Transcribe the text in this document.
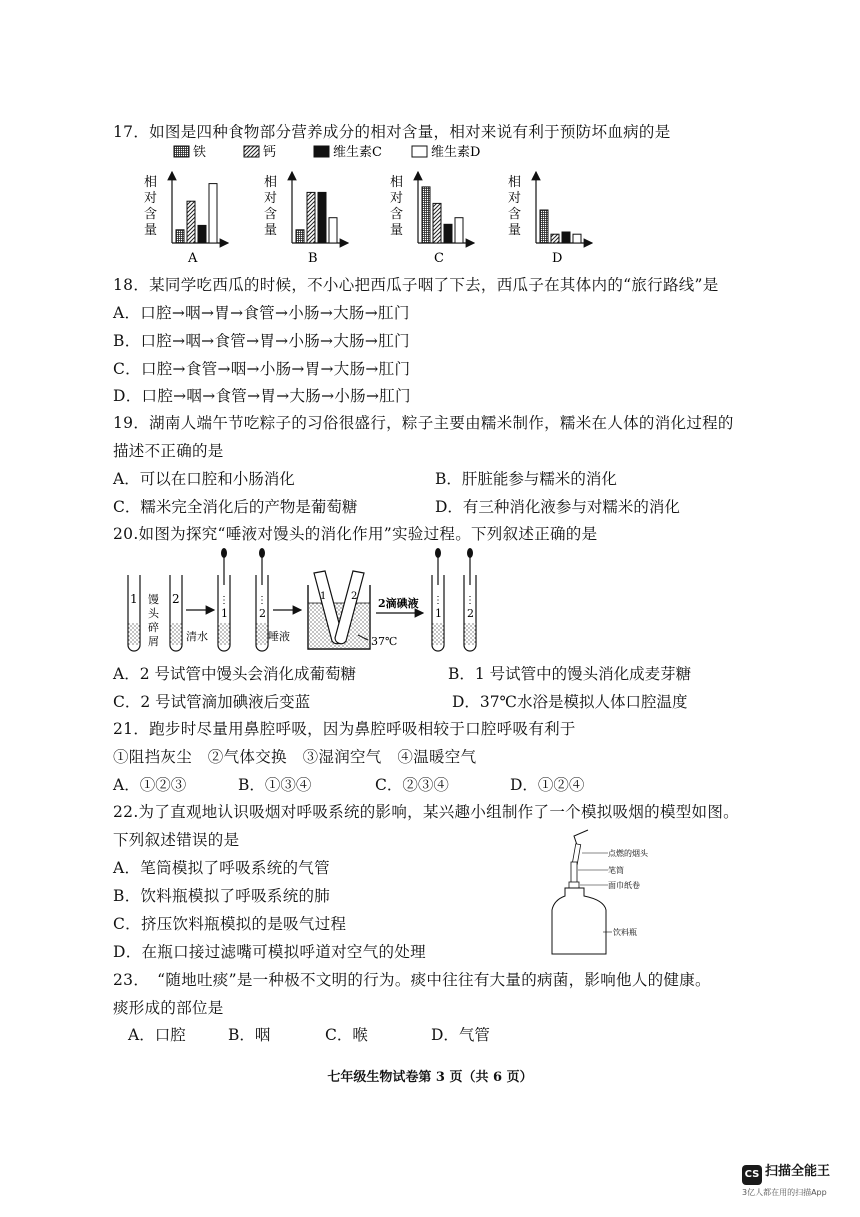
17．如图是四种食物部分营养成分的相对含量，相对来说有利于预防坏血病的是
铁	钙	维生素C	维生素D
相
对
含
量
A
相
对
含
量
B
相
对
含
量
C
相
对
含
量
D
18．某同学吃西瓜的时候，不小心把西瓜子咽了下去，西瓜子在其体内的“旅行路线”是
A．口腔→咽→胃→食管→小肠→大肠→肛门
B．口腔→咽→食管→胃→小肠→大肠→肛门
C．口腔→食管→咽→小肠→胃→大肠→肛门
D．口腔→咽→食管→胃→大肠→小肠→肛门
19．湖南人端午节吃粽子的习俗很盛行，粽子主要由糯米制作，糯米在人体的消化过程的
描述不正确的是
A．可以在口腔和小肠消化	B．肝脏能参与糯米的消化
C．糯米完全消化后的产物是葡萄糖	D．有三种消化液参与对糯米的消化
20.如图为探究“唾液对馒头的消化作用”实验过程。下列叙述正确的是
1 馒
头
碎
屑
2
清水
⋮
1
⋮
2
唾液
1 2
37℃
2滴碘液 ⋮
1
⋮
2
A．2 号试管中馒头会消化成葡萄糖	B．1 号试管中的馒头消化成麦芽糖
C．2 号试管滴加碘液后变蓝	D．37℃水浴是模拟人体口腔温度
21．跑步时尽量用鼻腔呼吸，因为鼻腔呼吸相较于口腔呼吸有利于
①阻挡灰尘　②气体交换　③湿润空气　④温暖空气
A．①②③	B．①③④	C．②③④	D．①②④
22.为了直观地认识吸烟对呼吸系统的影响，某兴趣小组制作了一个模拟吸烟的模型如图。
下列叙述错误的是
A．笔筒模拟了呼吸系统的气管
B．饮料瓶模拟了呼吸系统的肺
C．挤压饮料瓶模拟的是吸气过程
D．在瓶口接过滤嘴可模拟呼道对空气的处理
点燃的烟头
笔筒
面巾纸卷
饮料瓶
23．　“随地吐痰”是一种极不文明的行为。痰中往往有大量的病菌，影响他人的健康。
痰形成的部位是
A．口腔	B．咽	C．喉	D．气管
七年级生物试卷第 3 页（共 6 页）
CS 扫描全能王
3亿人都在用的扫描App
